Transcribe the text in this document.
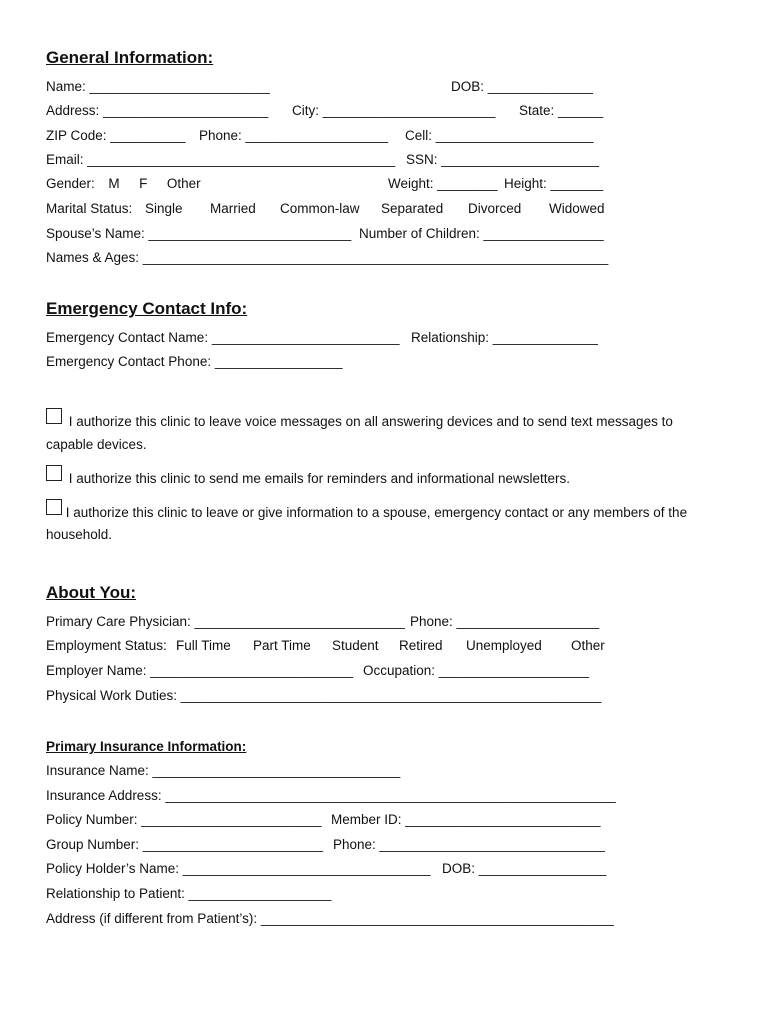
General Information:
Name: ________________________	DOB: ______________
Address: ______________________ City: _______________________ State: ______
ZIP Code: __________ Phone: ___________________ Cell: _____________________
Email: _________________________________________ SSN: _____________________
Gender: M F Other	Weight: ________ Height: _______
Marital Status: Single Married Common-law Separated Divorced Widowed
Spouse’s Name: ___________________________ Number of Children: ________________
Names & Ages: ______________________________________________________________
Emergency Contact Info:
Emergency Contact Name: _________________________ Relationship: ______________
Emergency Contact Phone: _________________
I authorize this clinic to leave voice messages on all answering devices and to send text messages to
capable devices.
I authorize this clinic to send me emails for reminders and informational newsletters.
I authorize this clinic to leave or give information to a spouse, emergency contact or any members of the
household.
About You:
Primary Care Physician: ____________________________ Phone: ___________________
Employment Status: Full Time Part Time Student Retired Unemployed Other
Employer Name: ___________________________ Occupation: ____________________
Physical Work Duties: ________________________________________________________
Primary Insurance Information:
Insurance Name: _________________________________
Insurance Address: ____________________________________________________________
Policy Number: ________________________ Member ID: __________________________
Group Number: ________________________ Phone: ______________________________
Policy Holder’s Name: _________________________________ DOB: _________________
Relationship to Patient: ___________________
Address (if different from Patient’s): _______________________________________________
